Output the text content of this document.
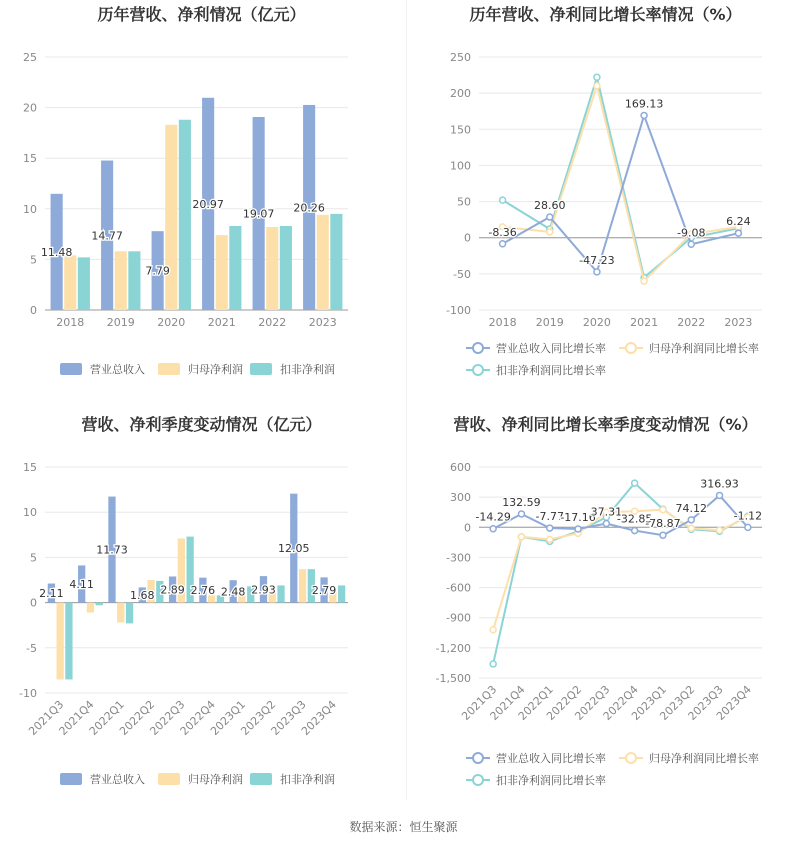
历年营收、净利情况（亿元）
0
5
10
15
20
25
2018 2019 2020 2021 2022 2023
11.48
14.77
7.79
20.97
19.07 20.26
营业总收入	归母净利润	扣非净利润
历年营收、净利同比增长率情况（%）
-100
-50
0
50
100
150
200
250
2018 2019 2020 2021 2022 2023
-8.36
28.60
-47.23
169.13
-9.08
6.24
营业总收入同比增长率	归母净利润同比增长率
扣非净利润同比增长率
营收、净利季度变动情况（亿元）
-10
-5
0
5
10
15
2021Q3
2021Q4
2022Q1
2022Q2
2022Q3
2022Q4
2023Q1
2023Q2
2023Q3
2023Q4
2.11
4.11
11.73
1.68 2.89 2.76 2.48 2.93
12.05
2.79
营业总收入	归母净利润	扣非净利润
营收、净利同比增长率季度变动情况（%）
-1,500
-1,200
-900
-600
-300
0
300
600
2021Q3
2021Q4
2022Q1
2022Q2
2022Q3
2022Q4
2023Q1
2023Q2
2023Q3
2023Q4
-14.29
132.59
-7.77
-17.16
37.31
-32.85
-78.87
74.12
316.93
-1.12
营业总收入同比增长率	归母净利润同比增长率
扣非净利润同比增长率
数据来源：恒生聚源
